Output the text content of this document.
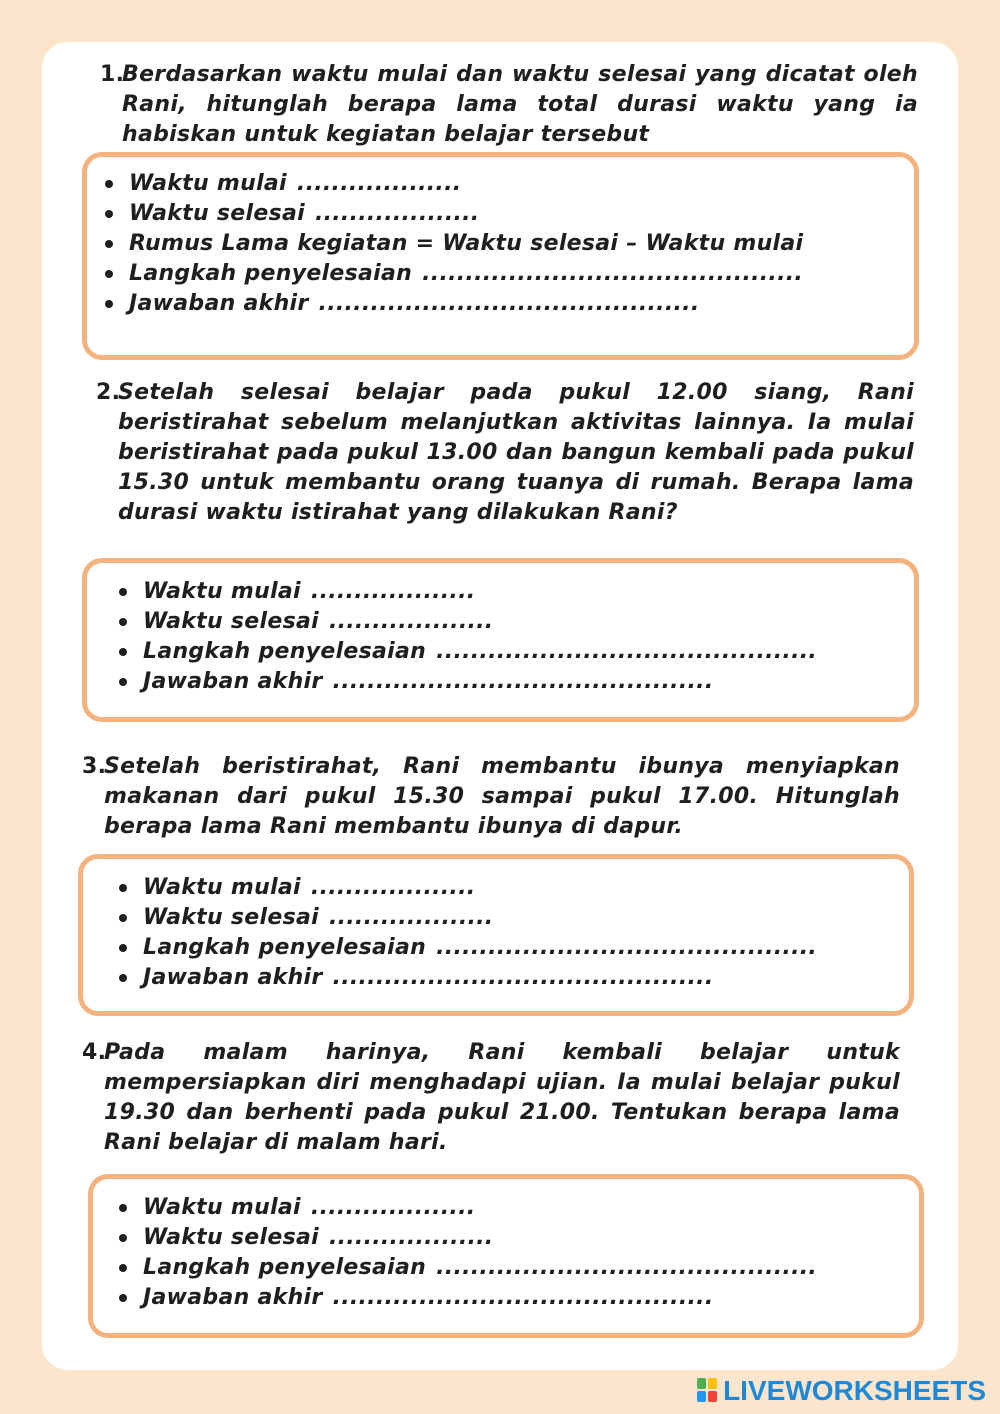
1.
Berdasarkan waktu mulai dan waktu selesai yang dicatat oleh Rani, hitunglah berapa lama total durasi waktu yang ia habiskan untuk kegiatan belajar tersebut
Waktu mulai ...................
Waktu selesai ...................
Rumus Lama kegiatan = Waktu selesai – Waktu mulai
Langkah penyelesaian ............................................
Jawaban akhir ............................................
2.
Setelah selesai belajar pada pukul 12.00 siang, Rani beristirahat sebelum melanjutkan aktivitas lainnya. Ia mulai beristirahat pada pukul 13.00 dan bangun kembali pada pukul 15.30 untuk membantu orang tuanya di rumah. Berapa lama durasi waktu istirahat yang dilakukan Rani?
Waktu mulai ...................
Waktu selesai ...................
Langkah penyelesaian ............................................
Jawaban akhir ............................................
3.
Setelah beristirahat, Rani membantu ibunya menyiapkan makanan dari pukul 15.30 sampai pukul 17.00. Hitunglah berapa lama Rani membantu ibunya di dapur.
Waktu mulai ...................
Waktu selesai ...................
Langkah penyelesaian ............................................
Jawaban akhir ............................................
4.
Pada malam harinya, Rani kembali belajar untuk mempersiapkan diri menghadapi ujian. Ia mulai belajar pukul 19.30 dan berhenti pada pukul 21.00. Tentukan berapa lama Rani belajar di malam hari.
Waktu mulai ...................
Waktu selesai ...................
Langkah penyelesaian ............................................
Jawaban akhir ............................................
LIVEWORKSHEETS
